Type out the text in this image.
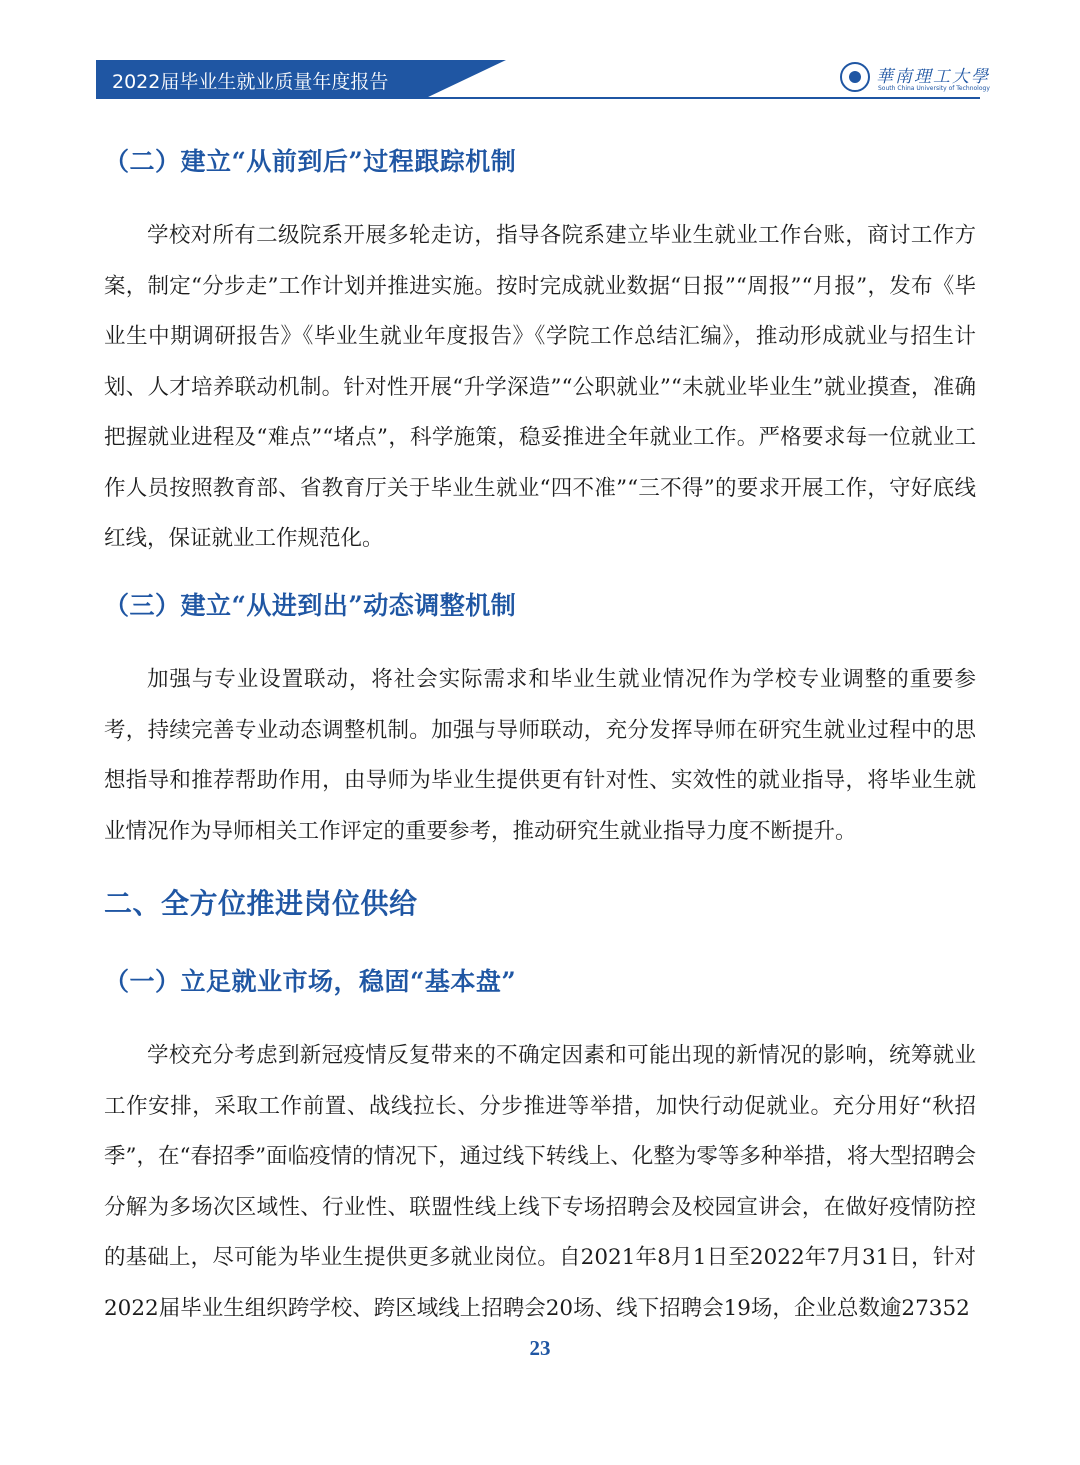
2022届毕业生就业质量年度报告	華南理工大學
South China University of Technology
（二）建立“从前到后”过程跟踪机制

学校对所有二级院系开展多轮走访，指导各院系建立毕业生就业工作台账，商讨工作方案，制定“分步走”工作计划并推进实施。按时完成就业数据“日报”“周报”“月报”，发布《毕业生中期调研报告》《毕业生就业年度报告》《学院工作总结汇编》，推动形成就业与招生计划、人才培养联动机制。针对性开展“升学深造”“公职就业”“未就业毕业生”就业摸查，准确把握就业进程及“难点”“堵点”，科学施策，稳妥推进全年就业工作。严格要求每一位就业工作人员按照教育部、省教育厅关于毕业生就业“四不准”“三不得”的要求开展工作，守好底线红线，保证就业工作规范化。

（三）建立“从进到出”动态调整机制

加强与专业设置联动，将社会实际需求和毕业生就业情况作为学校专业调整的重要参考，持续完善专业动态调整机制。加强与导师联动，充分发挥导师在研究生就业过程中的思想指导和推荐帮助作用，由导师为毕业生提供更有针对性、实效性的就业指导，将毕业生就业情况作为导师相关工作评定的重要参考，推动研究生就业指导力度不断提升。

二、全方位推进岗位供给
（一）立足就业市场，稳固“基本盘”

学校充分考虑到新冠疫情反复带来的不确定因素和可能出现的新情况的影响，统筹就业工作安排，采取工作前置、战线拉长、分步推进等举措，加快行动促就业。充分用好“秋招季”，在“春招季”面临疫情的情况下，通过线下转线上、化整为零等多种举措，将大型招聘会分解为多场次区域性、行业性、联盟性线上线下专场招聘会及校园宣讲会，在做好疫情防控的基础上，尽可能为毕业生提供更多就业岗位。自2021年8月1日至2022年7月31日，针对2022届毕业生组织跨学校、跨区域线上招聘会20场、线下招聘会19场，企业总数逾27352

23
